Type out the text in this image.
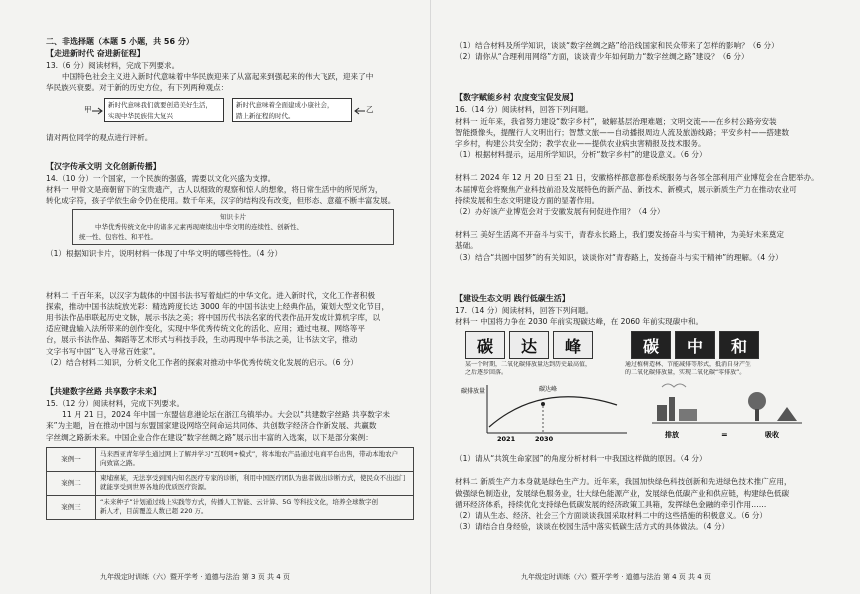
二、非选择题（本题 5 小题，共 56 分）
【走进新时代 奋进新征程】
13.（6 分）阅读材料，完成下列要求。
中国特色社会主义进入新时代意味着中华民族迎来了从富起来到强起来的伟大飞跃，迎来了中
华民族兴衰要。对于新的历史方位，有下列两种观点：
甲	新时代意味我们就要创造美好生活，
实现中华民族伟大复兴
新时代意味着全面建成小康社会，
踏上新征程的时代。
乙
请对两位同学的观点进行评析。
【汉字传承文明 文化创新传播】
14.（10 分）一个国家，一个民族的强盛，需要以文化兴盛为支撑。
材料一 甲骨文是商朝留下的宝贵遗产，古人以细致的观察和惊人的想象，将日常生活中的所见所为，
转化成字符，孩子学依生命令仍在使用。数千年来，汉字的结构没有改变，但形态、意蕴不断丰富发展。
知识卡片
中华优秀传统文化中的诸多元素再现赓续出中华文明的连续性、创新性、
统一性、包容性、和平性。
（1）根据知识卡片，说明材料一体现了中华文明的哪些特性。（4 分）
材料二 千百年来，以汉字为载体的中国书法书写着灿烂的中华文化。进入新时代，文化工作者积极
探索，推动中国书法绽放光彩：精选跨度长达 3000 年的中国书法史上经典作品，策划大型文化节目，
用书法作品串联起历史文脉，展示书法之美；将中国历代书法名家的代表作品开发成计算机字库，以
适应键盘输入法所带来的创作变化，实现中华优秀传统文化的活化、应用；通过电视、网络等平
台，展示书法作品、舞蹈等艺术形式与科技手段，生动再现中华书法之美，让书法文字，推动
文字书写中国“飞入寻常百姓家”。
（2）结合材料二知识，分析文化工作者的探索对推动中华优秀传统文化发展的启示。（6 分）
【共建数字丝路 共享数字未来】
15.（12 分）阅读材料，完成下列要求。
11 月 21 日，2024 年中国一东盟信息港论坛在浙江乌镇举办。大会以“共建数字丝路 共享数字未
来”为主题，旨在推动中国与东盟国家建设网络空间命运共同体、共创数字经济合作新发展、共赢数
字丝绸之路新未来。中国企业合作在建设“数字丝绸之路”展示出丰富的入选案，以下是部分案例：
案例一	马来西亚青年学生通过网上了解并学习“互联网+模式”，将本地农产品通过电商平台出售，带动本地农户
向致富之路。

案例二	柬埔寨某，无法享受到国内知名医疗专家的诊断，利用中国医疗团队为患者做出诊断方式，使民众不出远门
就能享受到世界各地的优质医疗资源。

案例三	“未来种子”计划通过线上实践等方式，传播人工智能、云计算、5G 等科技文化，培养全球数字创
新人才，目前覆盖人数已超 220 万。
九年级定时训练（六）暨开学考 · 道德与法治 第 3 页 共 4 页
（1）结合材料及所学知识，谈谈“数字丝绸之路”给沿线国家和民众带来了怎样的影响？（6 分）
（2）请你从“合理利用网络”方面，谈谈青少年如何助力“数字丝绸之路”建设？（6 分）
【数字赋能乡村 农度变宝促发展】
16.（14 分）阅读材料，回答下列问题。
材料一 近年来，我省努力建设“数字乡村”，破解基层治理难题；文明交流——在乡村公路旁安装
智能摄像头，提醒行人文明出行；智慧文旅——自动播报周边人流及旅游线路；平安乡村——搭建数
字乡村，构建公共安全防；教学农业——提供农业病虫害精报及技术服务。
（1）根据材料提示，运用所学知识，分析“数字乡村”的建设意义。（6 分）
材料二 2024 年 12 月 20 日至 21 日，安徽格样都意都卷系统服务与各邻全部利用产业博览会在合肥举办。
本届博览会将聚焦产业科技前沿及发展特色的新产品、新技术、新模式，展示新质生产力在推动农业可
持续发展和生态文明建设方面的显著作用。
（2）办好该产业博览会对于安徽发展有何促进作用？（4 分）
材料三 美好生活离不开奋斗与实干，青春永长路上，我们要发扬奋斗与实干精神，为美好未来奠定
基础。
（3）结合“共圆中国梦”的有关知识，谈谈你对“青春路上，发扬奋斗与实干精神”的理解。（4 分）
【建设生态文明 践行低碳生活】
17.（14 分）阅读材料，回答下列问题。
材料一 中国将力争在 2030 年前实现碳达峰，在 2060 年前实现碳中和。
碳	达	峰	碳	中	和
某一个时期，二氧化碳排放量达到历史最高值，
之后逐步回落。
通过植树造林、节能减排等形式，抵消自身产生
的二氧化碳排放量，实现二氧化碳“零排放”。
碳排放量	碳达峰
2021	2030	排放	=	吸收
（1）请从“共筑生命家园”的角度分析材料一中我国这样做的原因。（4 分）
材料二 新质生产力本身就是绿色生产力。近年来，我国加快绿色科技创新和先进绿色技术推广应用，
做强绿色制造业，发展绿色服务业，壮大绿色能源产业，发展绿色低碳产业和供应链，构建绿色低碳
循环经济体系，持续优化支持绿色低碳发展的经济政策工具箱，发挥绿色金融的牵引作用……
（2）请从生态、经济、社会三个方面谈谈我国采取材料二中的这些措施的积极意义。（6 分）
（3）请结合自身经验，谈谈在校园生活中落实低碳生活方式的具体做法。（4 分）
九年级定时训练（六）暨开学考 · 道德与法治 第 4 页 共 4 页
